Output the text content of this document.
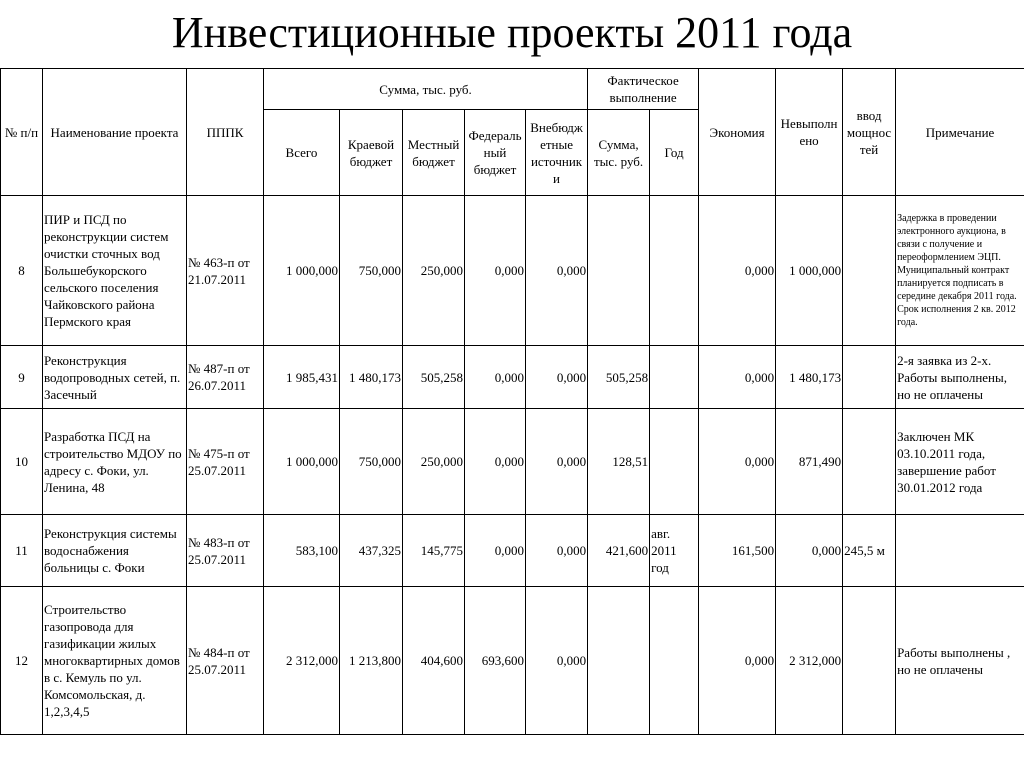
Инвестиционные проекты 2011 года
№ п/п	Наименование проекта	ПППК	Сумма, тыс. руб.					Фактическое выполнение		Экономия	Невыполн ено	ввод мощнос тей	Примечание
			Всего	Краевой бюджет	Местный бюджет	Федераль ный бюджет	Внебюдж етные источник и	Сумма, тыс. руб.	Год				
8	ПИР и ПСД по реконструкции систем очистки сточных вод Большебукорского сельского поселения Чайковского района Пермского края	№ 463-п от 21.07.2011	1 000,000	750,000	250,000	0,000	0,000			0,000	1 000,000		Задержка в проведении электронного аукциона, в связи с получение и переоформлением ЭЦП. Муниципальный контракт планируется подписать в середине декабря 2011 года. Срок исполнения 2 кв. 2012 года.
9	Реконструкция водопроводных сетей, п. Засечный	№ 487-п от 26.07.2011	1 985,431	1 480,173	505,258	0,000	0,000	505,258		0,000	1 480,173		2-я заявка из 2-х. Работы выполнены, но не оплачены
10	Разработка ПСД на строительство МДОУ по адресу с. Фоки, ул. Ленина, 48	№ 475-п от 25.07.2011	1 000,000	750,000	250,000	0,000	0,000	128,51		0,000	871,490		Заключен МК 03.10.2011 года, завершение работ 30.01.2012 года
11	Реконструкция системы водоснабжения больницы с. Фоки	№ 483-п от 25.07.2011	583,100	437,325	145,775	0,000	0,000	421,600	авг. 2011 год	161,500	0,000	245,5 м	
12	Строительство газопровода для газификации жилых многоквартирных домов в с. Кемуль по ул. Комсомольская, д. 1,2,3,4,5	№ 484-п от 25.07.2011	2 312,000	1 213,800	404,600	693,600	0,000			0,000	2 312,000		Работы выполнены , но не оплачены
